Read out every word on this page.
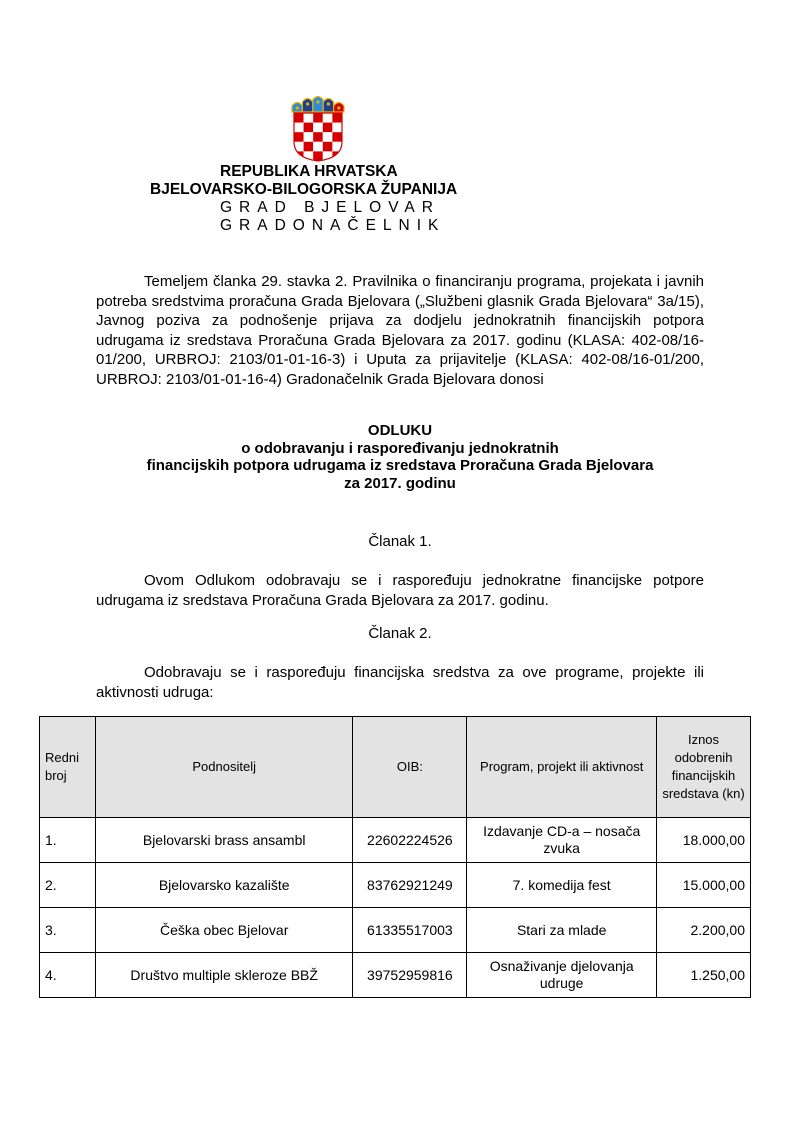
REPUBLIKA HRVATSKA
BJELOVARSKO-BILOGORSKA ŽUPANIJA
GRAD BJELOVAR
GRADONAČELNIK

Temeljem članka 29. stavka 2. Pravilnika o financiranju programa, projekata i javnih potreba sredstvima proračuna Grada Bjelovara („Službeni glasnik Grada Bjelovara“ 3a/15), Javnog poziva za podnošenje prijava za dodjelu jednokratnih financijskih potpora udrugama iz sredstava Proračuna Grada Bjelovara za 2017. godinu (KLASA: 402-08/16-01/200, URBROJ: 2103/01-01-16-3) i Uputa za prijavitelje (KLASA: 402-08/16-01/200, URBROJ: 2103/01-01-16-4) Gradonačelnik Grada Bjelovara donosi

ODLUKU
o odobravanju i raspoređivanju jednokratnih
financijskih potpora udrugama iz sredstava Proračuna Grada Bjelovara
za 2017. godinu
Članak 1.

Ovom Odlukom odobravaju se i raspoređuju jednokratne financijske potpore udrugama iz sredstava Proračuna Grada Bjelovara za 2017. godinu.

Članak 2.

Odobravaju se i raspoređuju financijska sredstva za ove programe, projekte ili aktivnosti udruga:

Redni broj	Podnositelj	OIB:	Program, projekt ili aktivnost	Iznos odobrenih financijskih sredstava (kn)
1.	Bjelovarski brass ansambl	22602224526	Izdavanje CD-a – nosača zvuka	18.000,00
2.	Bjelovarsko kazalište	83762921249	7. komedija fest	15.000,00
3.	Češka obec Bjelovar	61335517003	Stari za mlade	2.200,00
4.	Društvo multiple skleroze BBŽ	39752959816	Osnaživanje djelovanja udruge	1.250,00
